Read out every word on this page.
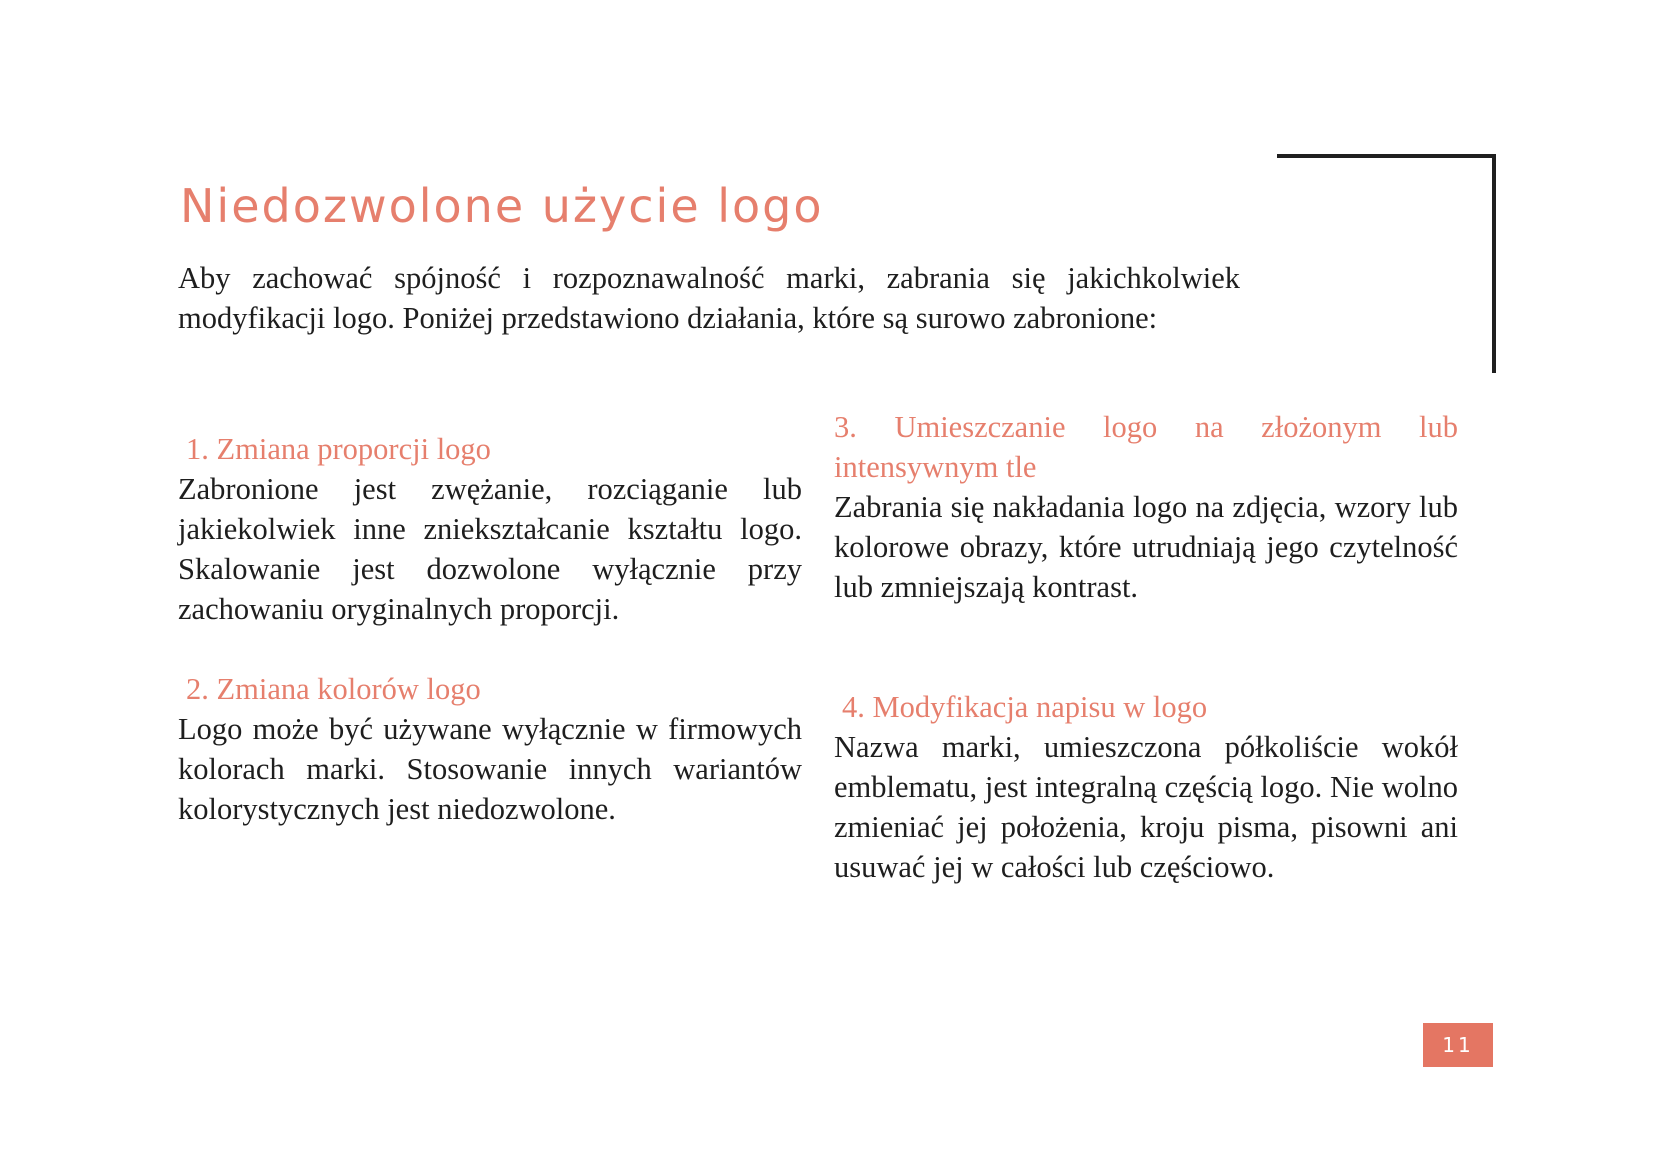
Niedozwolone użycie logo

Aby zachować spójność i rozpoznawalność marki, zabrania się jakichkolwiek modyfikacji logo. Poniżej przedstawiono działania, które są surowo zabronione:

1. Zmiana proporcji logo

Zabronione jest zwężanie, rozciąganie lub jakiekolwiek inne zniekształcanie kształtu logo. Skalowanie jest dozwolone wyłącznie przy zachowaniu oryginalnych proporcji.

2. Zmiana kolorów logo

Logo może być używane wyłącznie w firmowych kolorach marki. Stosowanie innych wariantów kolorystycznych jest niedozwolone.

3. Umieszczanie logo na złożonym lub intensywnym tle

Zabrania się nakładania logo na zdjęcia, wzory lub kolorowe obrazy, które utrudniają jego czytelność lub zmniejszają kontrast.

4. Modyfikacja napisu w logo

Nazwa marki, umieszczona półkoliście wokół emblematu, jest integralną częścią logo. Nie wolno zmieniać jej położenia, kroju pisma, pisowni ani usuwać jej w całości lub częściowo.

11
